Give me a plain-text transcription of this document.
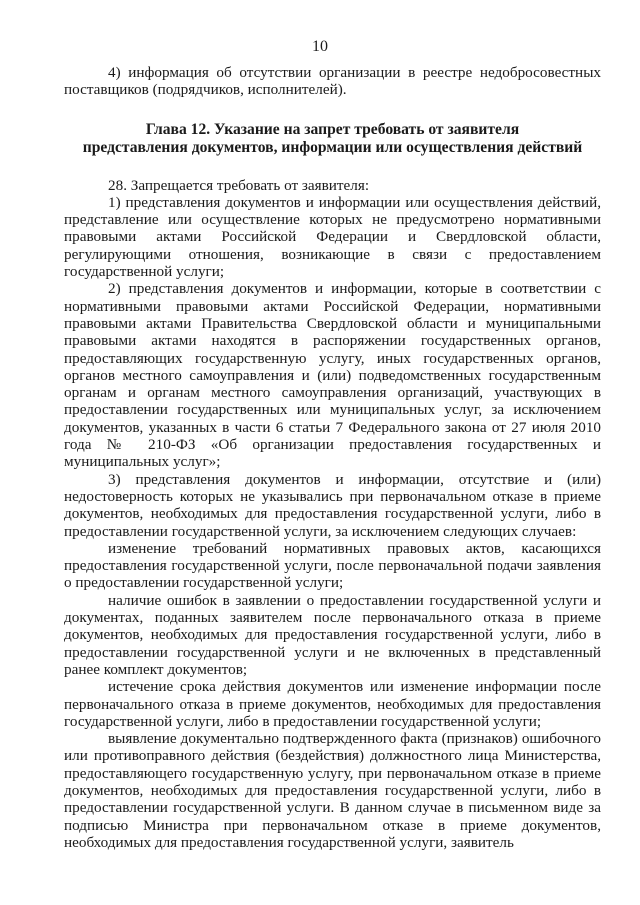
10

4) информация об отсутствии организации в реестре недобросовестных поставщиков (подрядчиков, исполнителей).

Глава 12. Указание на запрет требовать от заявителя
представления документов, информации или осуществления действий

28. Запрещается требовать от заявителя:

1) представления документов и информации или осуществления действий, представление или осуществление которых не предусмотрено нормативными правовыми актами Российской Федерации и Свердловской области, регулирующими отношения, возникающие в связи с предоставлением государственной услуги;

2) представления документов и информации, которые в соответствии с нормативными правовыми актами Российской Федерации, нормативными правовыми актами Правительства Свердловской области и муниципальными правовыми актами находятся в распоряжении государственных органов, предоставляющих государственную услугу, иных государственных органов, органов местного самоуправления и (или) подведомственных государственным органам и органам местного самоуправления организаций, участвующих в предоставлении государственных или муниципальных услуг, за исключением документов, указанных в части 6 статьи 7 Федерального закона от 27 июля 2010 года № 210-ФЗ «Об организации предоставления государственных и муниципальных услуг»;

3) представления документов и информации, отсутствие и (или) недостоверность которых не указывались при первоначальном отказе в приеме документов, необходимых для предоставления государственной услуги, либо в предоставлении государственной услуги, за исключением следующих случаев:

изменение требований нормативных правовых актов, касающихся предоставления государственной услуги, после первоначальной подачи заявления о предоставлении государственной услуги;

наличие ошибок в заявлении о предоставлении государственной услуги и документах, поданных заявителем после первоначального отказа в приеме документов, необходимых для предоставления государственной услуги, либо в предоставлении государственной услуги и не включенных в представленный ранее комплект документов;

истечение срока действия документов или изменение информации после первоначального отказа в приеме документов, необходимых для предоставления государственной услуги, либо в предоставлении государственной услуги;

выявление документально подтвержденного факта (признаков) ошибочного или противоправного действия (бездействия) должностного лица Министерства, предоставляющего государственную услугу, при первоначальном отказе в приеме документов, необходимых для предоставления государственной услуги, либо в предоставлении государственной услуги. В данном случае в письменном виде за подписью Министра при первоначальном отказе в приеме документов, необходимых для предоставления государственной услуги, заявитель
